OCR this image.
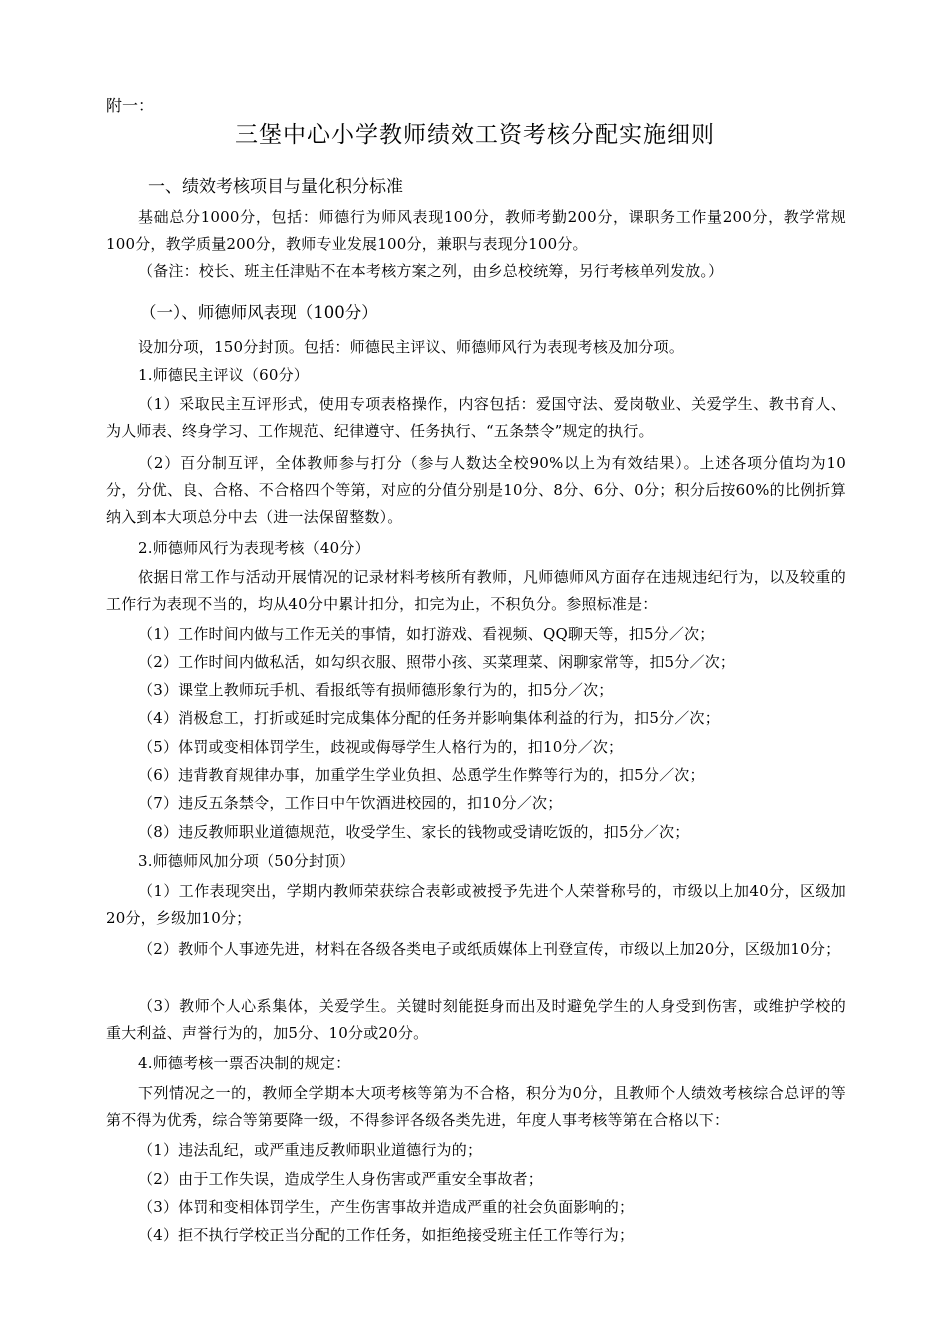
附一：
三堡中心小学教师绩效工资考核分配实施细则
一、绩效考核项目与量化积分标准

基础总分1000分，包括：师德行为师风表现100分，教师考勤200分，课职务工作量200分，教学常规100分，教学质量200分，教师专业发展100分，兼职与表现分100分。

（备注：校长、班主任津贴不在本考核方案之列，由乡总校统筹，另行考核单列发放。）
（一）、师德师风表现（100分）
设加分项，150分封顶。包括：师德民主评议、师德师风行为表现考核及加分项。
1.师德民主评议（60分）

（1）采取民主互评形式，使用专项表格操作，内容包括：爱国守法、爱岗敬业、关爱学生、教书育人、为人师表、终身学习、工作规范、纪律遵守、任务执行、“五条禁令”规定的执行。

（2）百分制互评，全体教师参与打分（参与人数达全校90%以上为有效结果）。上述各项分值均为10分，分优、良、合格、不合格四个等第，对应的分值分别是10分、8分、6分、0分；积分后按60%的比例折算纳入到本大项总分中去（进一法保留整数）。

2.师德师风行为表现考核（40分）

依据日常工作与活动开展情况的记录材料考核所有教师，凡师德师风方面存在违规违纪行为，以及较重的工作行为表现不当的，均从40分中累计扣分，扣完为止，不积负分。参照标准是：

（1）工作时间内做与工作无关的事情，如打游戏、看视频、QQ聊天等，扣5分／次；
（2）工作时间内做私活，如勾织衣服、照带小孩、买菜理菜、闲聊家常等，扣5分／次；
（3）课堂上教师玩手机、看报纸等有损师德形象行为的，扣5分／次；
（4）消极怠工，打折或延时完成集体分配的任务并影响集体利益的行为，扣5分／次；
（5）体罚或变相体罚学生，歧视或侮辱学生人格行为的，扣10分／次；
（6）违背教育规律办事，加重学生学业负担、怂恿学生作弊等行为的，扣5分／次；
（7）违反五条禁令，工作日中午饮酒进校园的，扣10分／次；
（8）违反教师职业道德规范，收受学生、家长的钱物或受请吃饭的，扣5分／次；
3.师德师风加分项（50分封顶）

（1）工作表现突出，学期内教师荣获综合表彰或被授予先进个人荣誉称号的，市级以上加40分，区级加20分，乡级加10分；

（2）教师个人事迹先进，材料在各级各类电子或纸质媒体上刊登宣传，市级以上加20分，区级加10分；

（3）教师个人心系集体，关爱学生。关键时刻能挺身而出及时避免学生的人身受到伤害，或维护学校的重大利益、声誉行为的，加5分、10分或20分。

4.师德考核一票否决制的规定：

下列情况之一的，教师全学期本大项考核等第为不合格，积分为0分，且教师个人绩效考核综合总评的等第不得为优秀，综合等第要降一级，不得参评各级各类先进，年度人事考核等第在合格以下：

（1）违法乱纪，或严重违反教师职业道德行为的；
（2）由于工作失误，造成学生人身伤害或严重安全事故者；
（3）体罚和变相体罚学生，产生伤害事故并造成严重的社会负面影响的；
（4）拒不执行学校正当分配的工作任务，如拒绝接受班主任工作等行为；
